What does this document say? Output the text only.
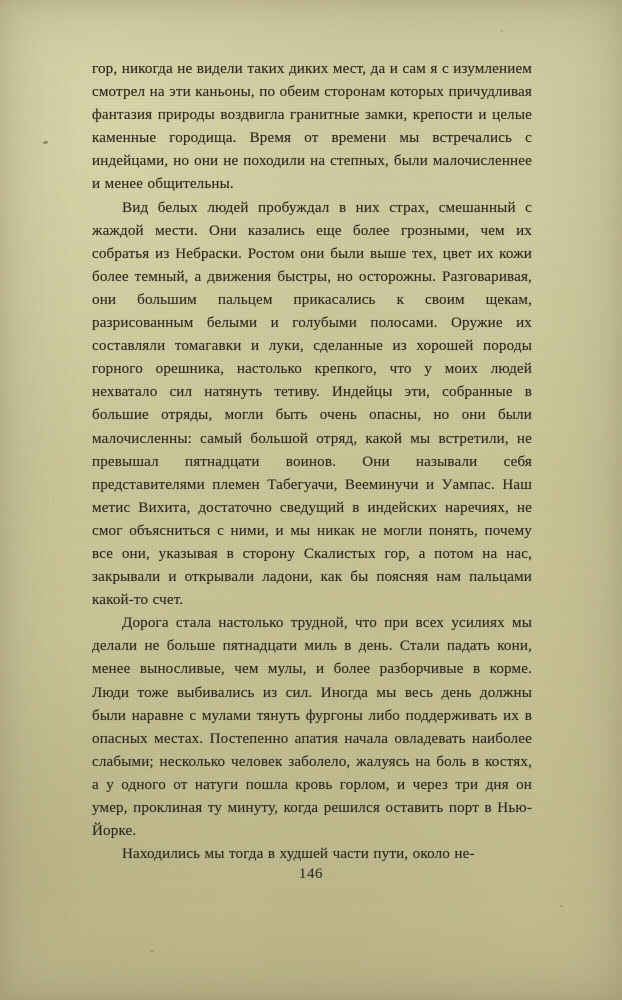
гор, никогда не видели таких диких мест, да и сам я с изумлением смотрел на эти каньоны, по обеим сторонам которых причудливая фантазия природы воздвигла гранитные замки, крепости и целые каменные городища. Время от времени мы встречались с индейцами, но они не походили на степных, были малочисленнее и менее общительны.

Вид белых людей пробуждал в них страх, смешанный с жаждой мести. Они казались еще более грозными, чем их собратья из Небраски. Ростом они были выше тех, цвет их кожи более темный, а движения быстры, но осторожны. Разговаривая, они большим пальцем прикасались к своим щекам, разрисованным белыми и голубыми полосами. Оружие их составляли томагавки и луки, сделанные из хорошей породы горного орешника, настолько крепкого, что у моих людей нехватало сил натянуть тетиву. Индейцы эти, собранные в большие отряды, могли быть очень опасны, но они были малочисленны: самый большой отряд, какой мы встретили, не превышал пятнадцати воинов. Они называли себя представителями племен Табегуачи, Вееминучи и Уампас. Наш метис Вихита, достаточно сведущий в индейских наречиях, не смог объясниться с ними, и мы никак не могли понять, почему все они, указывая в сторону Скалистых гор, а потом на нас, закрывали и открывали ладони, как бы поясняя нам пальцами какой-то счет.

Дорога стала настолько трудной, что при всех усилиях мы делали не больше пятнадцати миль в день. Стали падать кони, менее выносливые, чем мулы, и более разборчивые в корме. Люди тоже выбивались из сил. Иногда мы весь день должны были наравне с мулами тянуть фургоны либо поддерживать их в опасных местах. Постепенно апатия начала овладевать наиболее слабыми; несколько человек заболело, жалуясь на боль в костях, а у одного от натуги пошла кровь горлом, и через три дня он умер, проклиная ту минуту, когда решился оставить порт в Нью-Йорке.

Находились мы тогда в худшей части пути, около не-

146
